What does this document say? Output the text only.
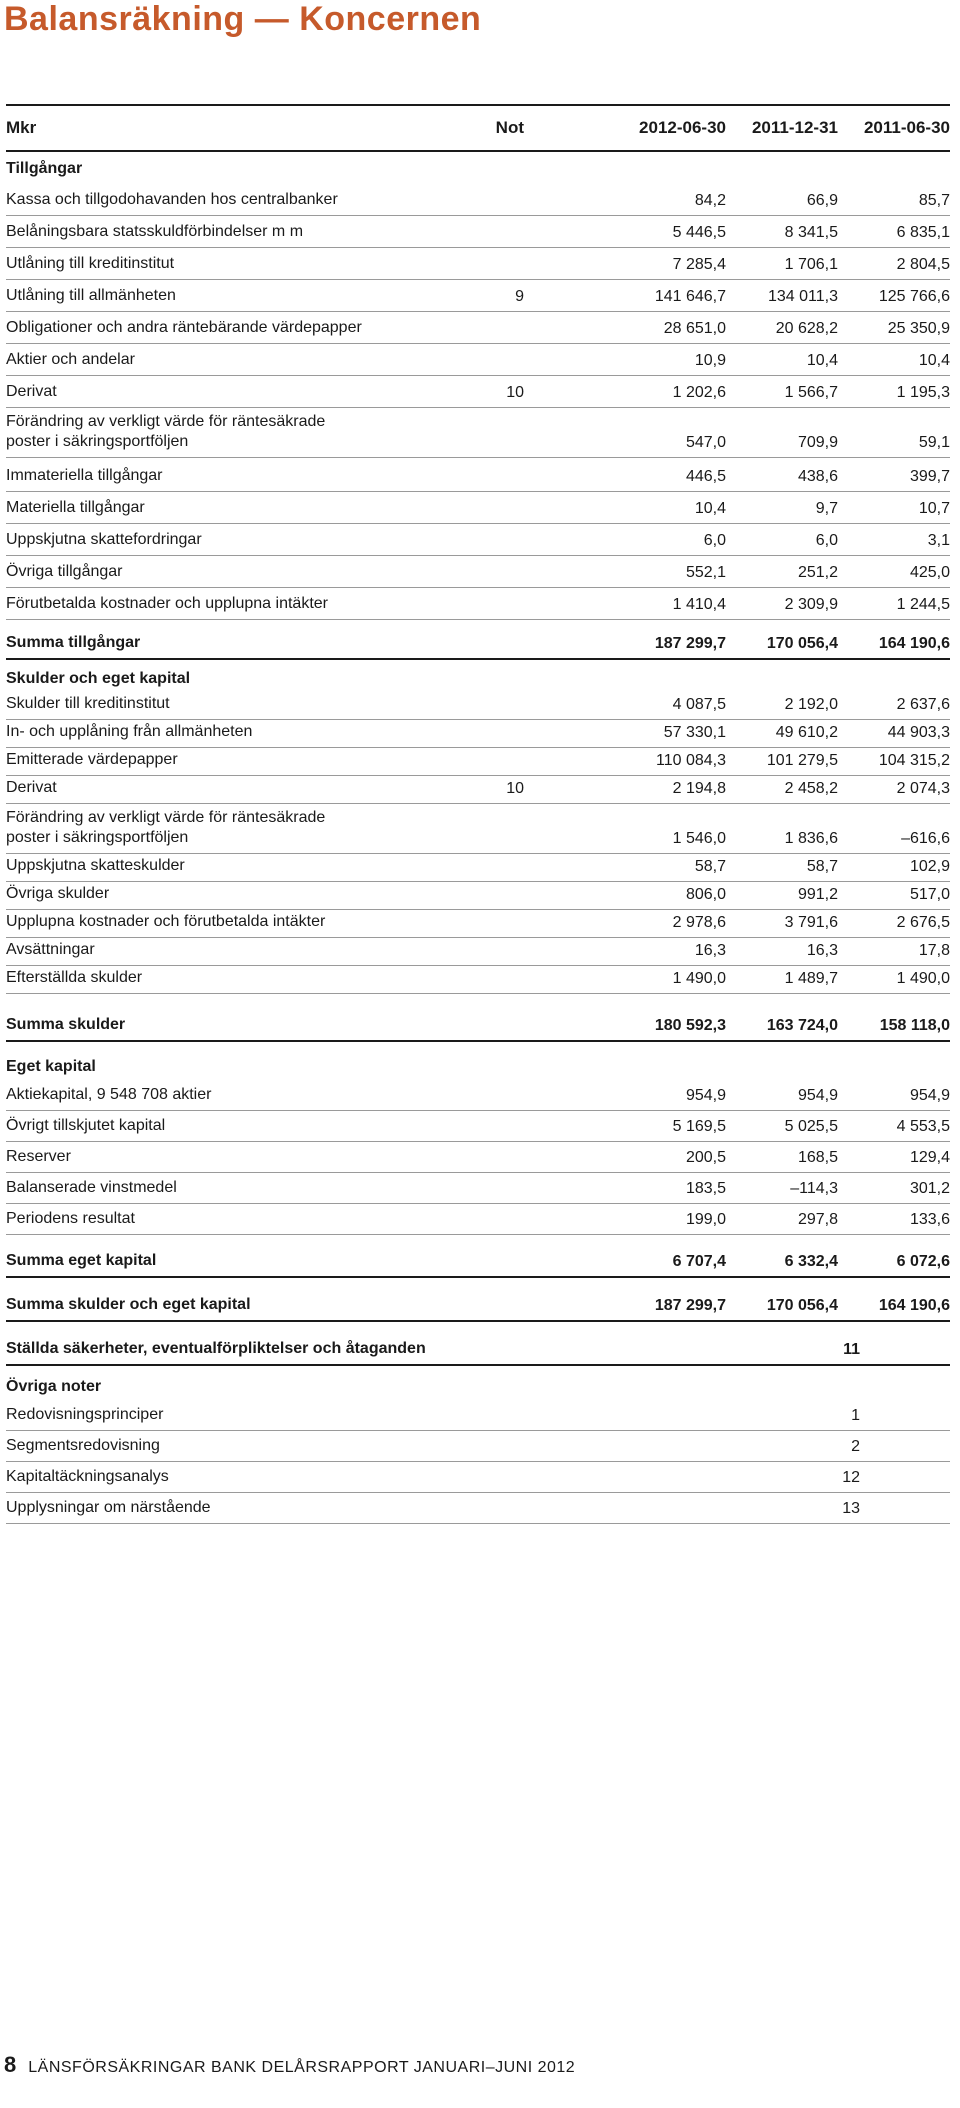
Balansräkning — Koncernen
Mkr	Not	2012-06-30	2011-12-31	2011-06-30
Tillgångar
Kassa och tillgodohavanden hos centralbanker	84,2	66,9	85,7
Belåningsbara statsskuldförbindelser m m	5 446,5	8 341,5	6 835,1
Utlåning till kreditinstitut	7 285,4	1 706,1	2 804,5
Utlåning till allmänheten	9	141 646,7	134 011,3	125 766,6
Obligationer och andra räntebärande värdepapper	28 651,0	20 628,2	25 350,9
Aktier och andelar	10,9	10,4	10,4
Derivat	10	1 202,6	1 566,7	1 195,3
Förändring av verkligt värde för räntesäkrade
poster i säkringsportföljen	547,0	709,9	59,1
Immateriella tillgångar	446,5	438,6	399,7
Materiella tillgångar	10,4	9,7	10,7
Uppskjutna skattefordringar	6,0	6,0	3,1
Övriga tillgångar	552,1	251,2	425,0
Förutbetalda kostnader och upplupna intäkter	1 410,4	2 309,9	1 244,5
Summa tillgångar	187 299,7	170 056,4	164 190,6
Skulder och eget kapital
Skulder till kreditinstitut	4 087,5	2 192,0	2 637,6
In- och upplåning från allmänheten	57 330,1	49 610,2	44 903,3
Emitterade värdepapper	110 084,3	101 279,5	104 315,2
Derivat	10	2 194,8	2 458,2	2 074,3
Förändring av verkligt värde för räntesäkrade
poster i säkringsportföljen	1 546,0	1 836,6	–616,6
Uppskjutna skatteskulder	58,7	58,7	102,9
Övriga skulder	806,0	991,2	517,0
Upplupna kostnader och förutbetalda intäkter	2 978,6	3 791,6	2 676,5
Avsättningar	16,3	16,3	17,8
Efterställda skulder	1 490,0	1 489,7	1 490,0
Summa skulder	180 592,3	163 724,0	158 118,0
Eget kapital
Aktiekapital, 9 548 708 aktier	954,9	954,9	954,9
Övrigt tillskjutet kapital	5 169,5	5 025,5	4 553,5
Reserver	200,5	168,5	129,4
Balanserade vinstmedel	183,5	–114,3	301,2
Periodens resultat	199,0	297,8	133,6
Summa eget kapital	6 707,4	6 332,4	6 072,6
Summa skulder och eget kapital	187 299,7	170 056,4	164 190,6
Ställda säkerheter, eventualförpliktelser och åtaganden	11
Övriga noter
Redovisningsprinciper	1
Segmentsredovisning	2
Kapitaltäckningsanalys	12
Upplysningar om närstående	13
8 LÄNSFÖRSÄKRINGAR BANK DELÅRSRAPPORT JANUARI–JUNI 2012
